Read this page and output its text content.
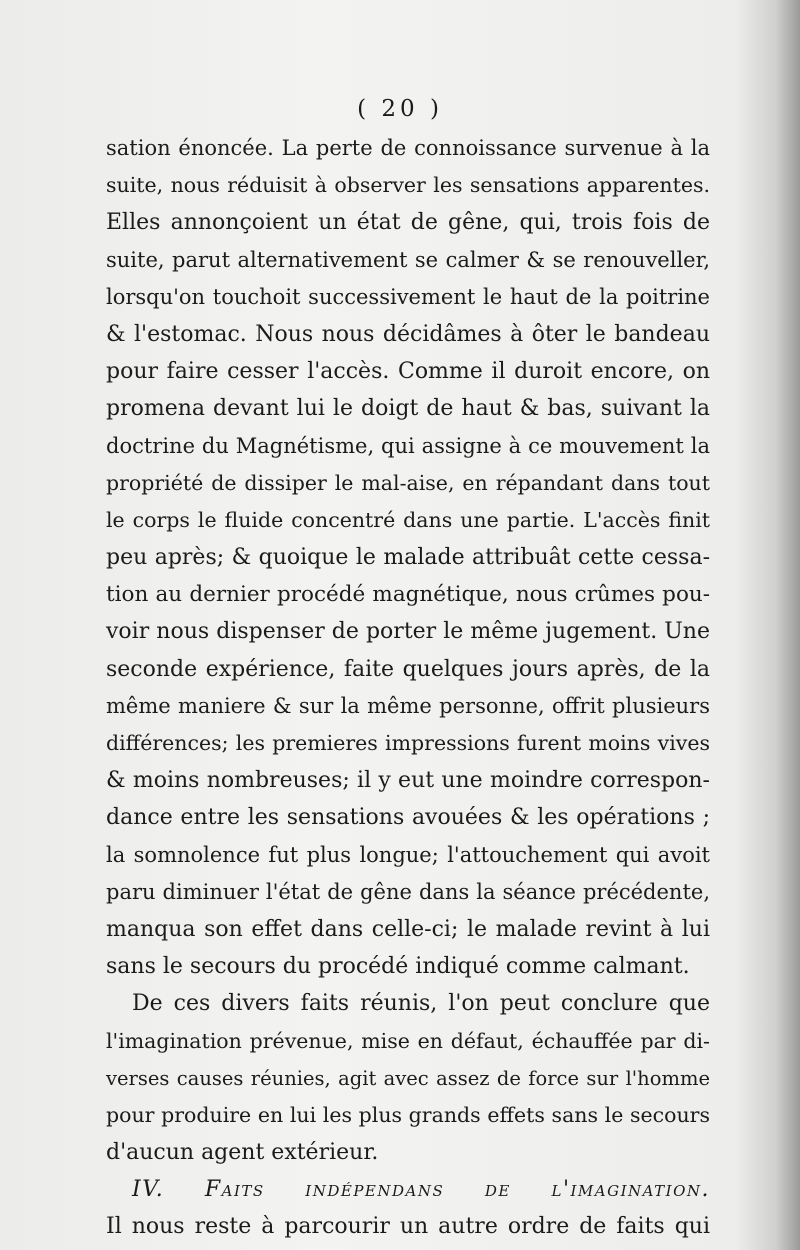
( 20 )
sation énoncée. La perte de connoissance survenue à la
suite, nous réduisit à observer les sensations apparentes.
Elles annonçoient un état de gêne, qui, trois fois de
suite, parut alternativement se calmer & se renouveller,
lorsqu'on touchoit successivement le haut de la poitrine
& l'estomac. Nous nous décidâmes à ôter le bandeau
pour faire cesser l'accès. Comme il duroit encore, on
promena devant lui le doigt de haut & bas, suivant la
doctrine du Magnétisme, qui assigne à ce mouvement la
propriété de dissiper le mal-aise, en répandant dans tout
le corps le fluide concentré dans une partie. L'accès finit
peu après; & quoique le malade attribuât cette cessa-
tion au dernier procédé magnétique, nous crûmes pou-
voir nous dispenser de porter le même jugement. Une
seconde expérience, faite quelques jours après, de la
même maniere & sur la même personne, offrit plusieurs
différences; les premieres impressions furent moins vives
& moins nombreuses; il y eut une moindre correspon-
dance entre les sensations avouées & les opérations ;
la somnolence fut plus longue; l'attouchement qui avoit
paru diminuer l'état de gêne dans la séance précédente,
manqua son effet dans celle-ci; le malade revint à lui
sans le secours du procédé indiqué comme calmant.
De ces divers faits réunis, l'on peut conclure que
l'imagination prévenue, mise en défaut, échauffée par di-
verses causes réunies, agit avec assez de force sur l'homme
pour produire en lui les plus grands effets sans le secours
d'aucun agent extérieur.
IV. Faits indépendans de l'imagination.
Il nous reste à parcourir un autre ordre de faits qui
